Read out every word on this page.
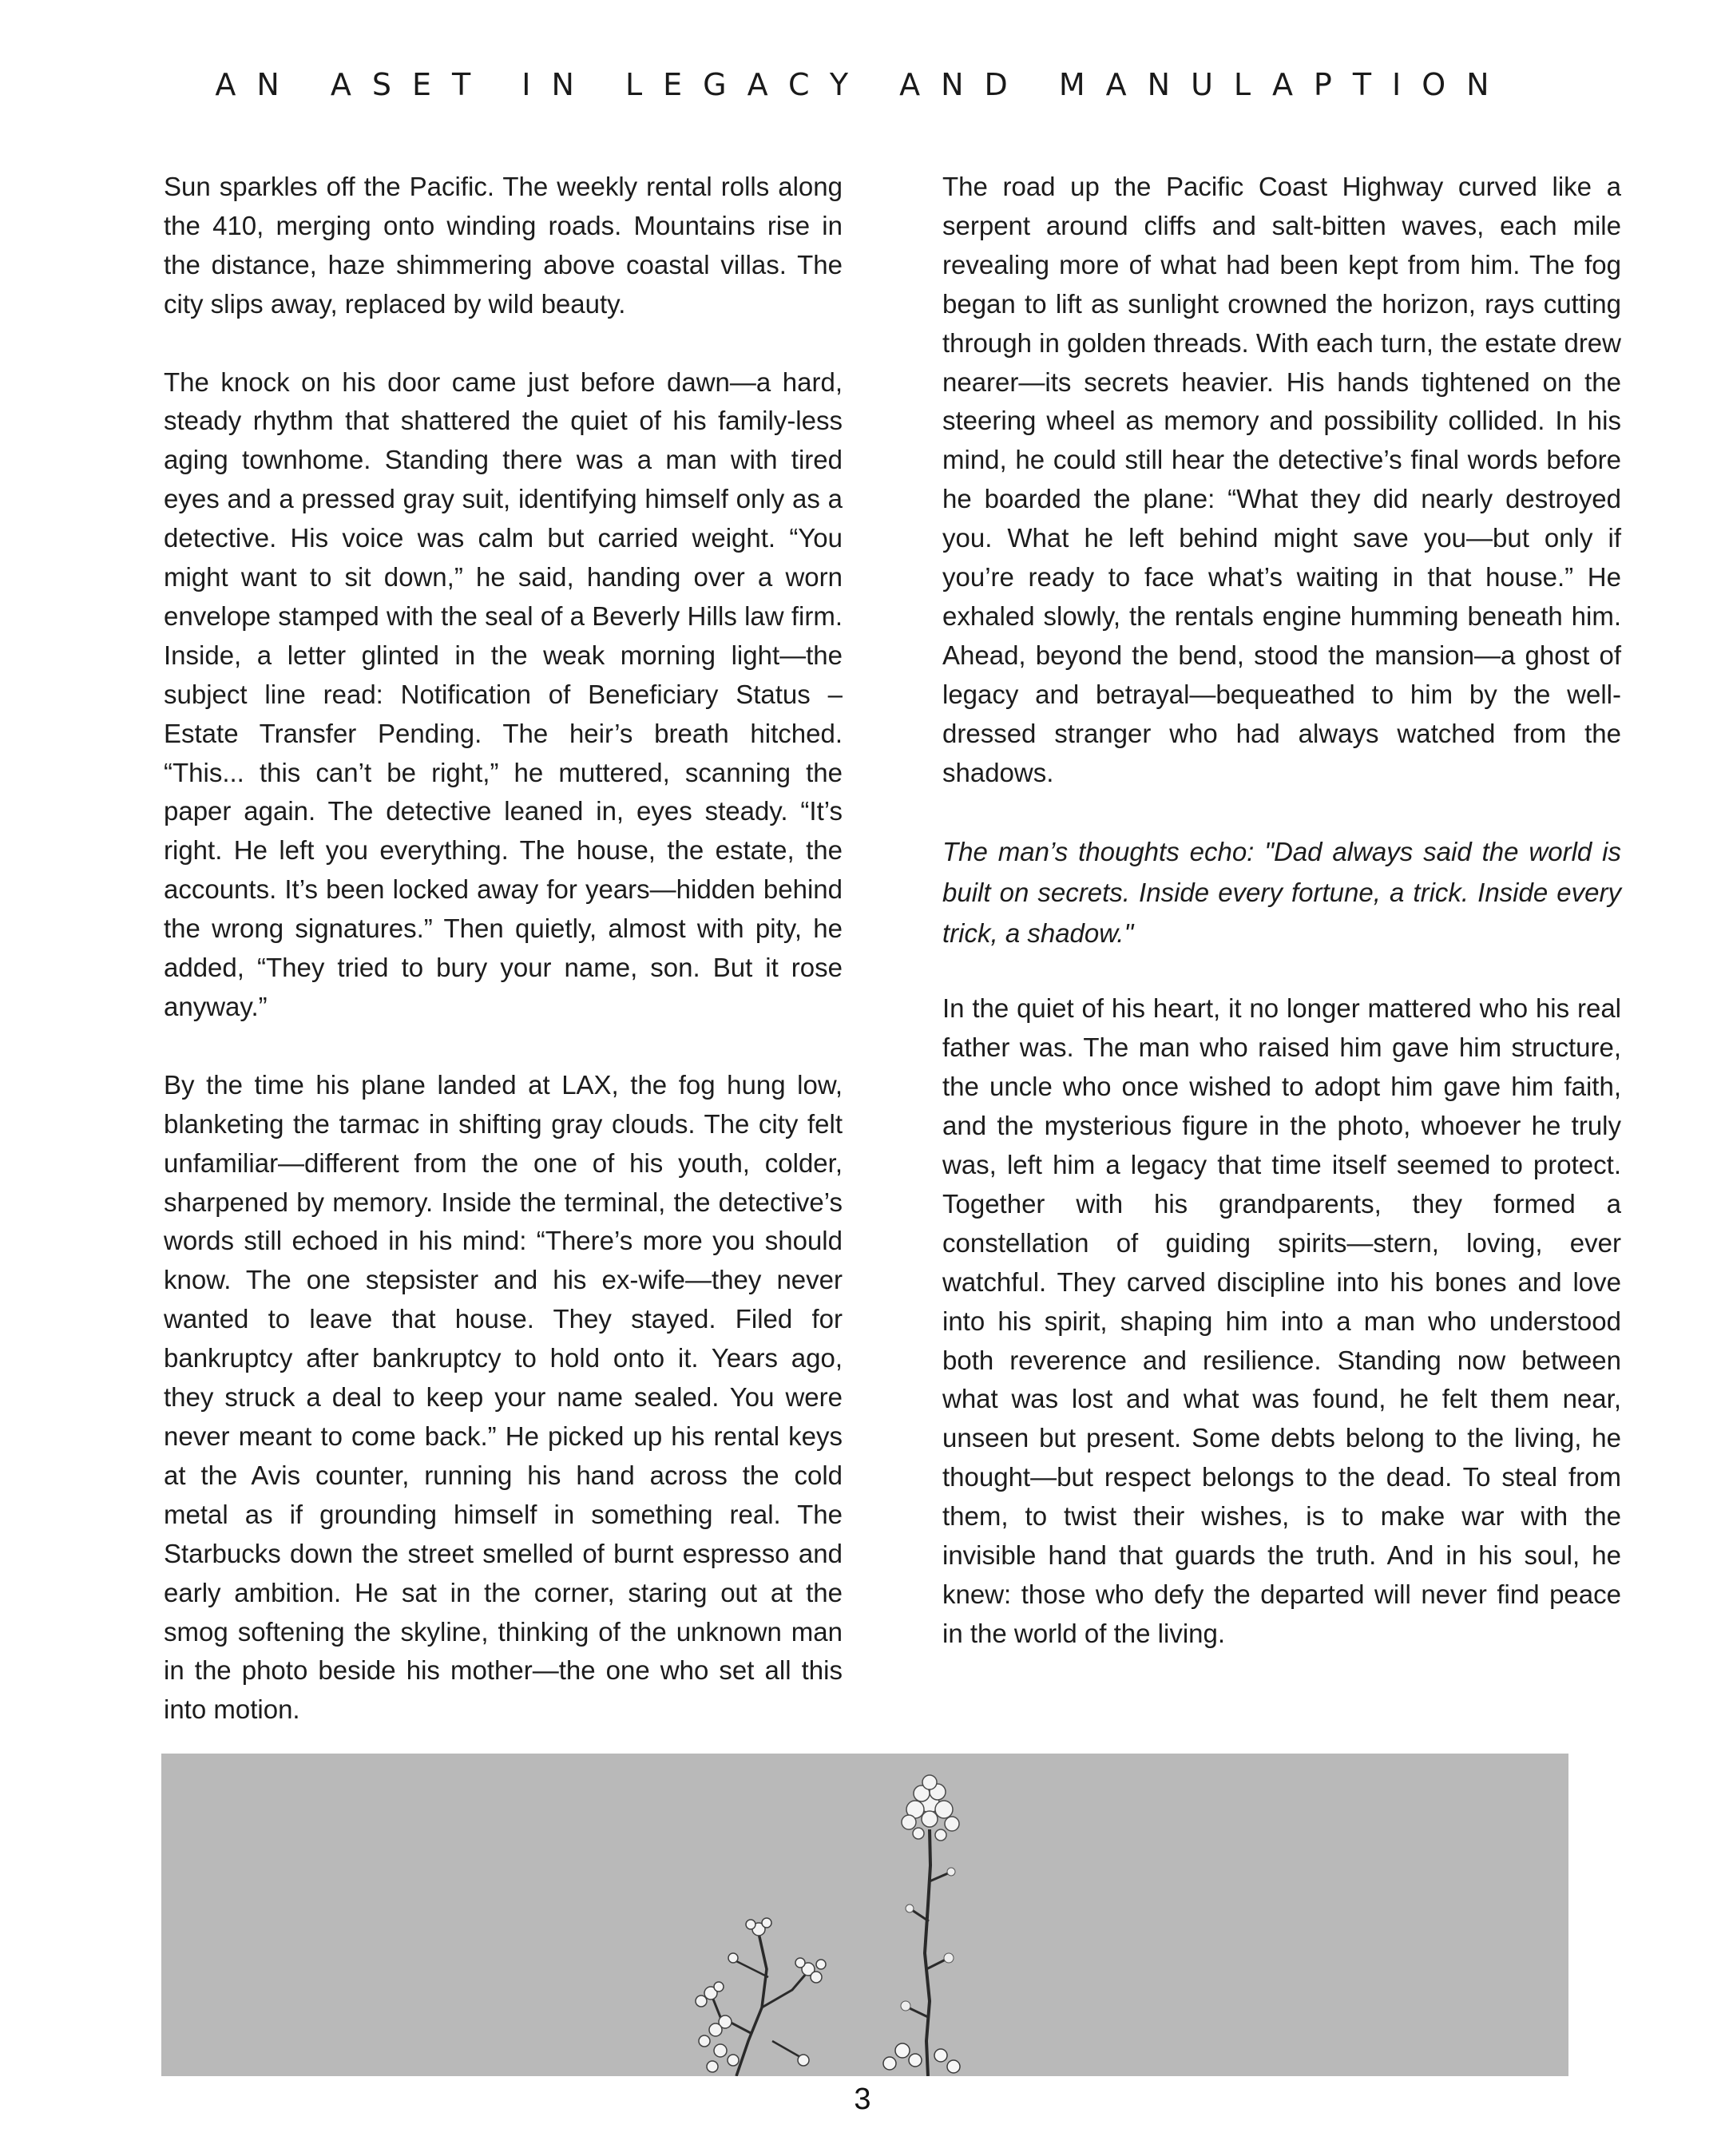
AN ASET IN LEGACY AND MANULAPTION

Sun sparkles off the Pacific. The weekly rental rolls along the 410, merging onto winding roads. Mountains rise in the distance, haze shimmering above coastal villas. The city slips away, replaced by wild beauty.

The knock on his door came just before dawn—a hard, steady rhythm that shattered the quiet of his family-less aging townhome. Standing there was a man with tired eyes and a pressed gray suit, identifying himself only as a detective. His voice was calm but carried weight. “You might want to sit down,” he said, handing over a worn envelope stamped with the seal of a Beverly Hills law firm. Inside, a letter glinted in the weak morning light—the subject line read: Notification of Beneficiary Status – Estate Transfer Pending. The heir’s breath hitched. “This... this can’t be right,” he muttered, scanning the paper again. The detective leaned in, eyes steady. “It’s right. He left you everything. The house, the estate, the accounts. It’s been locked away for years—hidden behind the wrong signatures.” Then quietly, almost with pity, he added, “They tried to bury your name, son. But it rose anyway.”

By the time his plane landed at LAX, the fog hung low, blanketing the tarmac in shifting gray clouds. The city felt unfamiliar—different from the one of his youth, colder, sharpened by memory. Inside the terminal, the detective’s words still echoed in his mind: “There’s more you should know. The one stepsister and his ex-wife—they never wanted to leave that house. They stayed. Filed for bankruptcy after bankruptcy to hold onto it. Years ago, they struck a deal to keep your name sealed. You were never meant to come back.” He picked up his rental keys at the Avis counter, running his hand across the cold metal as if grounding himself in something real. The Starbucks down the street smelled of burnt espresso and early ambition. He sat in the corner, staring out at the smog softening the skyline, thinking of the unknown man in the photo beside his mother—the one who set all this into motion.

The road up the Pacific Coast Highway curved like a serpent around cliffs and salt-bitten waves, each mile revealing more of what had been kept from him. The fog began to lift as sunlight crowned the horizon, rays cutting through in golden threads. With each turn, the estate drew nearer—its secrets heavier. His hands tightened on the steering wheel as memory and possibility collided. In his mind, he could still hear the detective’s final words before he boarded the plane: “What they did nearly destroyed you. What he left behind might save you—but only if you’re ready to face what’s waiting in that house.” He exhaled slowly, the rentals engine humming beneath him. Ahead, beyond the bend, stood the mansion—a ghost of legacy and betrayal—bequeathed to him by the well-dressed stranger who had always watched from the shadows.

The man’s thoughts echo: "Dad always said the world is built on secrets. Inside every fortune, a trick. Inside every trick, a shadow."

In the quiet of his heart, it no longer mattered who his real father was. The man who raised him gave him structure, the uncle who once wished to adopt him gave him faith, and the mysterious figure in the photo, whoever he truly was, left him a legacy that time itself seemed to protect. Together with his grandparents, they formed a constellation of guiding spirits—stern, loving, ever watchful. They carved discipline into his bones and love into his spirit, shaping him into a man who understood both reverence and resilience. Standing now between what was lost and what was found, he felt them near, unseen but present. Some debts belong to the living, he thought—but respect belongs to the dead. To steal from them, to twist their wishes, is to make war with the invisible hand that guards the truth. And in his soul, he knew: those who defy the departed will never find peace in the world of the living.

3
